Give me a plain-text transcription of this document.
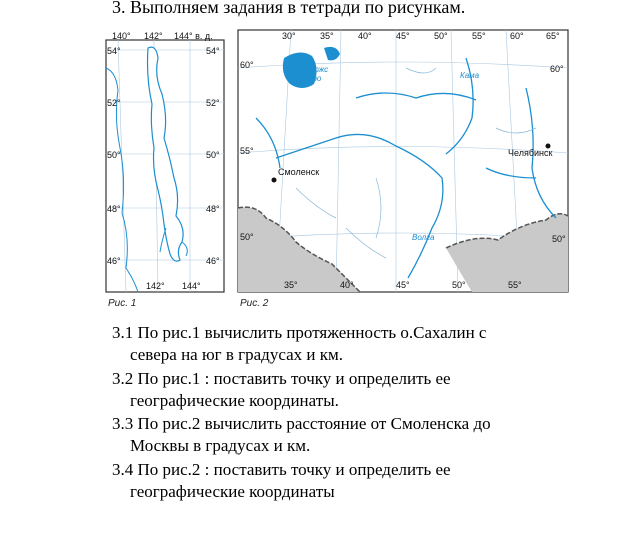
3. Выполняем задания в тетради по рисункам.
140° 142° 144° в. д.
54°
52°
50°
48°
46°
54°
52°
50°
48°
46°
142° 144°
Рис. 1
Смоленск
Челябинск
Ладожс
озеро	Кама
Волга
30°	35°	40°	45°	50°	55°	60° 65°
60°
55°
50°
60°
50°
35°	40°	45°	50°	55°
Рис. 2
3.1 По рис.1 вычислить протяженность о.Сахалин с
севера на юг в градусах и км.
3.2 По рис.1 : поставить точку и определить ее
географические координаты.
3.3 По рис.2 вычислить расстояние от Смоленска до
Москвы в градусах и км.
3.4 По рис.2 : поставить точку и определить ее
географические координаты
